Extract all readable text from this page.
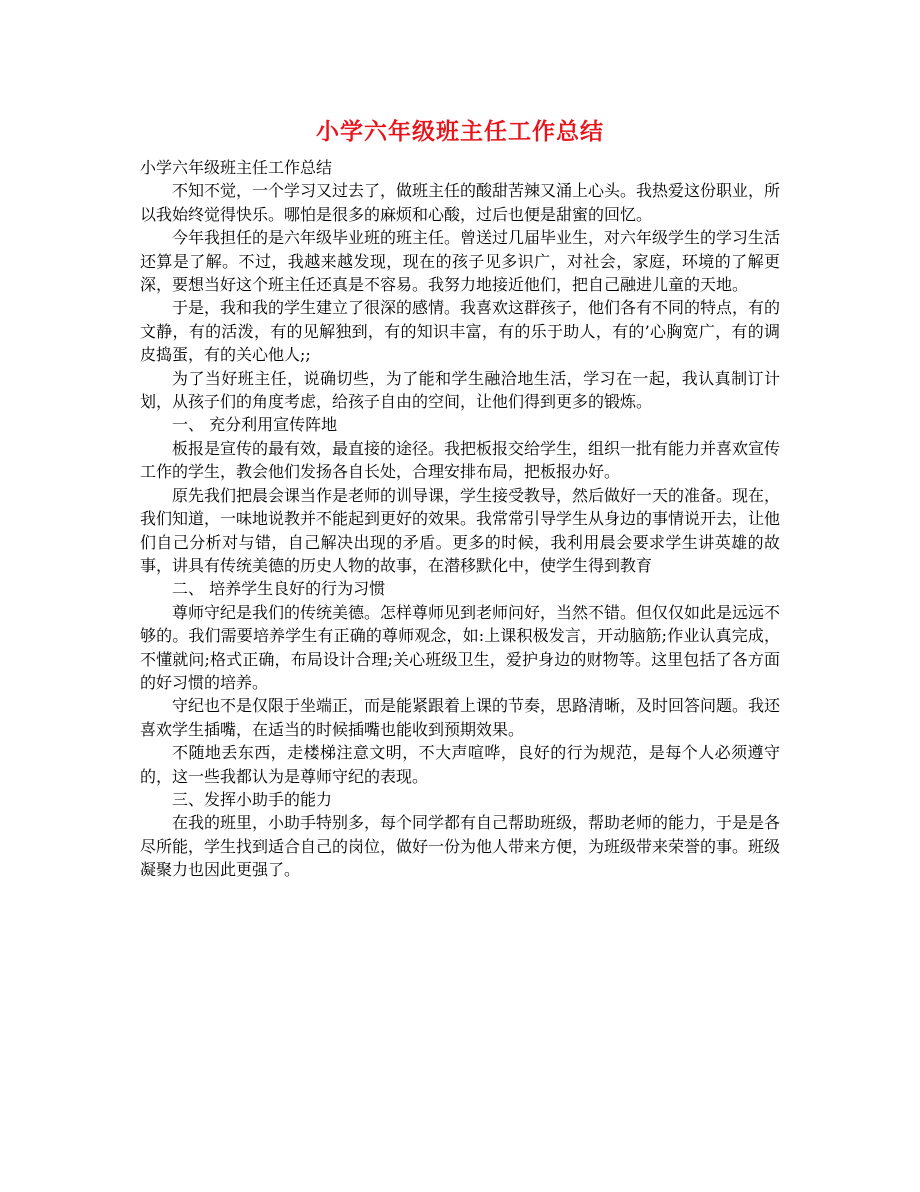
小学六年级班主任工作总结

小学六年级班主任工作总结

不知不觉，一个学习又过去了，做班主任的酸甜苦辣又涌上心头。我热爱这份职业，所以我始终觉得快乐。哪怕是很多的麻烦和心酸，过后也便是甜蜜的回忆。

今年我担任的是六年级毕业班的班主任。曾送过几届毕业生，对六年级学生的学习生活还算是了解。不过，我越来越发现，现在的孩子见多识广，对社会，家庭，环境的了解更深，要想当好这个班主任还真是不容易。我努力地接近他们，把自己融进儿童的天地。

于是，我和我的学生建立了很深的感情。我喜欢这群孩子，他们各有不同的特点，有的文静，有的活泼，有的见解独到，有的知识丰富，有的乐于助人，有的’心胸宽广，有的调皮捣蛋，有的关心他人;;

为了当好班主任，说确切些，为了能和学生融洽地生活，学习在一起，我认真制订计划，从孩子们的角度考虑，给孩子自由的空间，让他们得到更多的锻炼。

一、 充分利用宣传阵地

板报是宣传的最有效，最直接的途径。我把板报交给学生，组织一批有能力并喜欢宣传工作的学生，教会他们发扬各自长处，合理安排布局，把板报办好。

原先我们把晨会课当作是老师的训导课，学生接受教导，然后做好一天的准备。现在，我们知道，一味地说教并不能起到更好的效果。我常常引导学生从身边的事情说开去，让他们自己分析对与错，自己解决出现的矛盾。更多的时候，我利用晨会要求学生讲英雄的故事，讲具有传统美德的历史人物的故事，在潜移默化中，使学生得到教育

二、 培养学生良好的行为习惯

尊师守纪是我们的传统美德。怎样尊师见到老师问好，当然不错。但仅仅如此是远远不够的。我们需要培养学生有正确的尊师观念，如:上课积极发言，开动脑筋;作业认真完成，不懂就问;格式正确，布局设计合理;关心班级卫生，爱护身边的财物等。这里包括了各方面的好习惯的培养。

守纪也不是仅限于坐端正，而是能紧跟着上课的节奏，思路清晰，及时回答问题。我还喜欢学生插嘴，在适当的时候插嘴也能收到预期效果。

不随地丢东西，走楼梯注意文明，不大声喧哗，良好的行为规范，是每个人必须遵守的，这一些我都认为是尊师守纪的表现。

三、发挥小助手的能力

在我的班里，小助手特别多，每个同学都有自己帮助班级，帮助老师的能力，于是是各尽所能，学生找到适合自己的岗位，做好一份为他人带来方便，为班级带来荣誉的事。班级凝聚力也因此更强了。
